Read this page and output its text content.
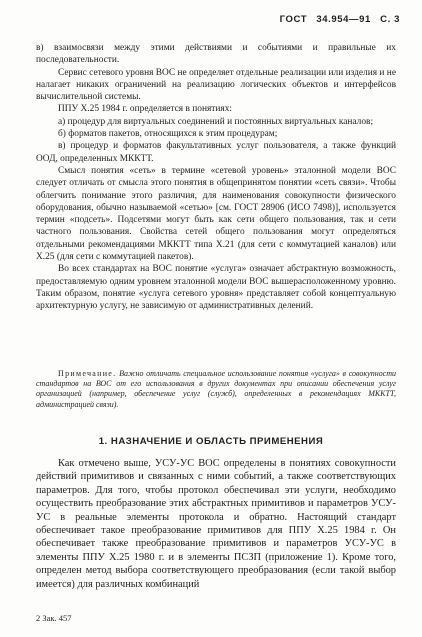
ГОСТ 34.954—91 С. 3

в) взаимосвязи между этими действиями и событиями и правильные их последовательности.

Сервис сетевого уровня ВОС не определяет отдельные реализации или изделия и не налагает никаких ограничений на реализацию логических объектов и интерфейсов вычислительной системы.

ППУ Х.25 1984 г. определяется в понятиях:

а) процедур для виртуальных соединений и постоянных виртуальных каналов;

б) форматов пакетов, относящихся к этим процедурам;

в) процедур и форматов факультативных услуг пользователя, а также функций ООД, определенных МККТТ.

Смысл понятия «сеть» в термине «сетевой уровень» эталонной модели ВОС следует отличать от смысла этого понятия в общепринятом понятии «сеть связи». Чтобы облегчить понимание этого различия, для наименования совокупности физического оборудования, обычно называемой «сетью» [см. ГОСТ 28906 (ИСО 7498)], используется термин «подсеть». Подсетями могут быть как сети общего пользования, так и сети частного пользования. Свойства сетей общего пользования могут определяться отдельными рекомендациями МККТТ типа Х.21 (для сети с коммутацией каналов) или Х.25 (для сети с коммутацией пакетов).

Во всех стандартах на ВОС понятие «услуга» означает абстрактную возможность, предоставляемую одним уровнем эталонной модели ВОС вышерасположенному уровню. Таким образом, понятие «услуга сетевого уровня» представляет собой концептуальную архитектурную услугу, не зависимую от административных делений.

Примечание. Важно отличать специальное использование понятия «услуга» в совокупности стандартов на ВОС от его использования в других документах при описании обеспечения услуг организацией (например, обеспечение услуг (служб), определенных в рекомендациях МККТТ, администрацией связи).

1. НАЗНАЧЕНИЕ И ОБЛАСТЬ ПРИМЕНЕНИЯ

Как отмечено выше, УСУ-УС ВОС определены в понятиях совокупности действий примитивов и связанных с ними событий, а также соответствующих параметров. Для того, чтобы протокол обеспечивал эти услуги, необходимо осуществить преобразование этих абстрактных примитивов и параметров УСУ-УС в реальные элементы протокола и обратно. Настоящий стандарт обеспечивает такое преобразование примитивов для ППУ Х.25 1984 г. Он обеспечивает также преобразование примитивов и параметров УСУ-УС в элементы ППУ Х.25 1980 г. и в элементы ПСЗП (приложение 1). Кроме того, определен метод выбора соответствующего преобразования (если такой выбор имеется) для различных комбинаций

2 Зак. 457
